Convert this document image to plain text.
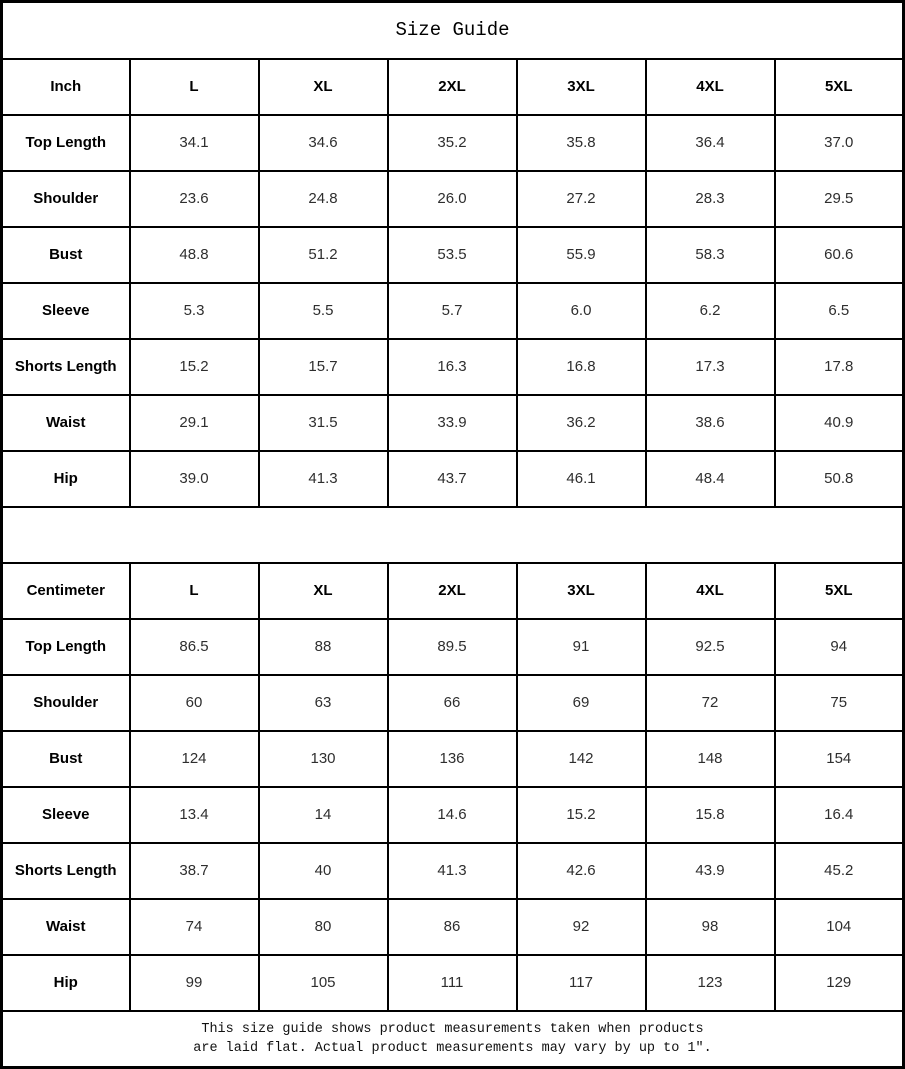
Size Guide						
Inch	L	XL	2XL	3XL	4XL	5XL
Top Length	34.1	34.6	35.2	35.8	36.4	37.0
Shoulder	23.6	24.8	26.0	27.2	28.3	29.5
Bust	48.8	51.2	53.5	55.9	58.3	60.6
Sleeve	5.3	5.5	5.7	6.0	6.2	6.5
Shorts Length	15.2	15.7	16.3	16.8	17.3	17.8
Waist	29.1	31.5	33.9	36.2	38.6	40.9
Hip	39.0	41.3	43.7	46.1	48.4	50.8

Centimeter	L	XL	2XL	3XL	4XL	5XL
Top Length	86.5	88	89.5	91	92.5	94
Shoulder	60	63	66	69	72	75
Bust	124	130	136	142	148	154
Sleeve	13.4	14	14.6	15.2	15.8	16.4
Shorts Length	38.7	40	41.3	42.6	43.9	45.2
Waist	74	80	86	92	98	104
Hip	99	105	111	117	123	129

This size guide shows product measurements taken when products
are laid flat. Actual product measurements may vary by up to 1″.						
